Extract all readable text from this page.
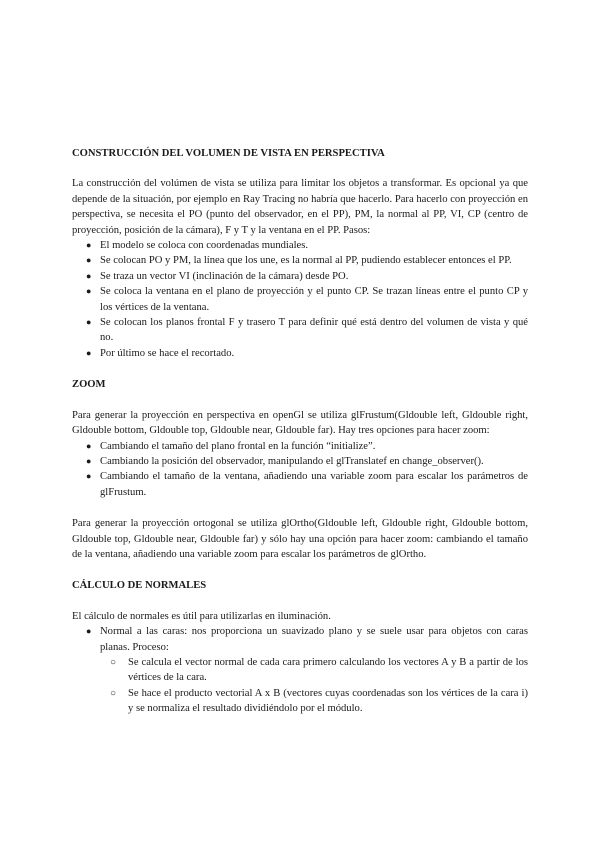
CONSTRUCCIÓN DEL VOLUMEN DE VISTA EN PERSPECTIVA

La construcción del volúmen de vista se utiliza para limitar los objetos a transformar. Es opcional ya que depende de la situación, por ejemplo en Ray Tracing no habría que hacerlo. Para hacerlo con proyección en perspectiva, se necesita el PO (punto del observador, en el PP), PM, la normal al PP, VI, CP (centro de proyección, posición de la cámara), F y T y la ventana en el PP. Pasos:

● El modelo se coloca con coordenadas mundiales.
● Se colocan PO y PM, la línea que los une, es la normal al PP, pudiendo establecer entonces el PP.
● Se traza un vector VI (inclinación de la cámara) desde PO.
● Se coloca la ventana en el plano de proyección y el punto CP. Se trazan líneas entre el punto CP y los vértices de la ventana.
● Se colocan los planos frontal F y trasero T para definir qué está dentro del volumen de vista y qué no.
● Por último se hace el recortado.
ZOOM

Para generar la proyección en perspectiva en openGl se utiliza glFrustum(Gldouble left, Gldouble right, Gldouble bottom, Gldouble top, Gldouble near, Gldouble far). Hay tres opciones para hacer zoom:

● Cambiando el tamaño del plano frontal en la función “initialize”.
● Cambiando la posición del observador, manipulando el glTranslatef en change_observer().
● Cambiando el tamaño de la ventana, añadiendo una variable zoom para escalar los parámetros de glFrustum.

Para generar la proyección ortogonal se utiliza glOrtho(Gldouble left, Gldouble right, Gldouble bottom, Gldouble top, Gldouble near, Gldouble far) y sólo hay una opción para hacer zoom: cambiando el tamaño de la ventana, añadiendo una variable zoom para escalar los parámetros de glOrtho.

CÁLCULO DE NORMALES

El cálculo de normales es útil para utilizarlas en iluminación.

● Normal a las caras: nos proporciona un suavizado plano y se suele usar para objetos con caras planas. Proceso:
○ Se calcula el vector normal de cada cara primero calculando los vectores A y B a partir de los vértices de la cara.
○ Se hace el producto vectorial A x B (vectores cuyas coordenadas son los vértices de la cara i) y se normaliza el resultado dividiéndolo por el módulo.
